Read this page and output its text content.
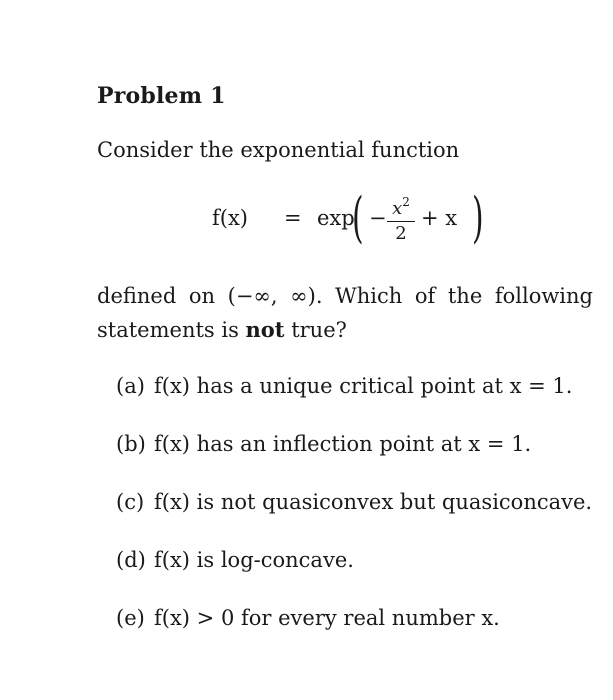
Problem 1
Consider the exponential function
f(x) = exp
( − $x^2$
2
+ x )
defined on (−∞, ∞). Which of the following
statements is not true?
(a) f(x) has a unique critical point at x = 1.
(b) f(x) has an inflection point at x = 1.
(c) f(x) is not quasiconvex but quasiconcave.
(d) f(x) is log-concave.
(e) f(x) > 0 for every real number x.
